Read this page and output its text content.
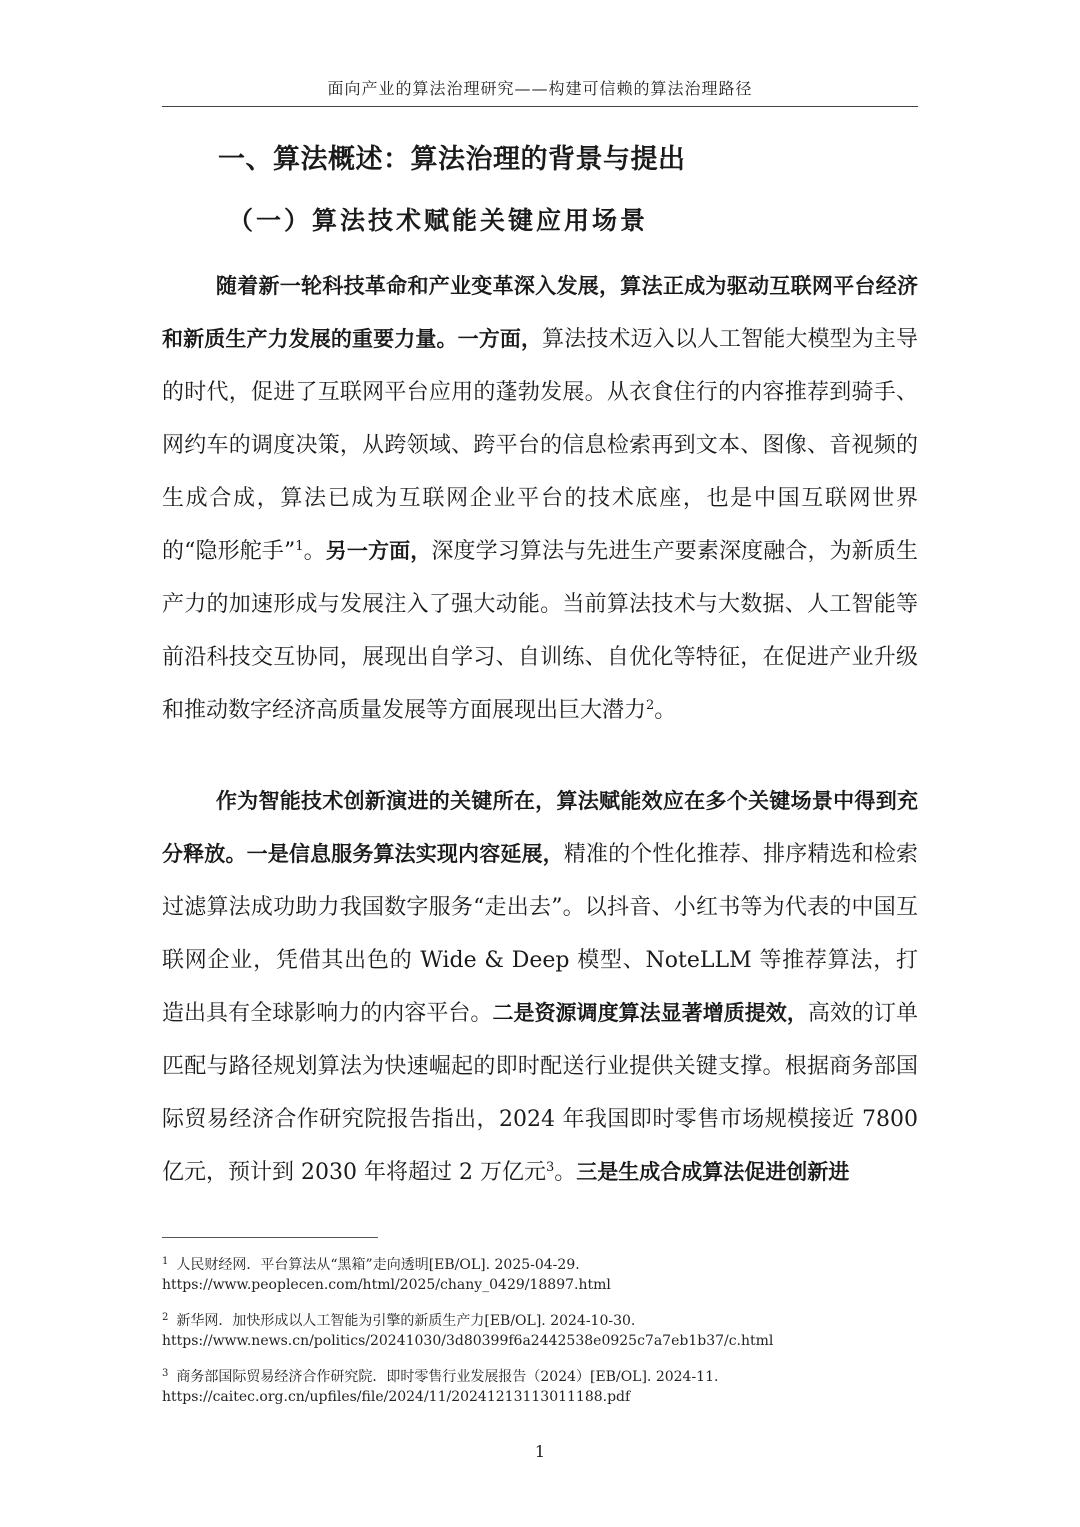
面向产业的算法治理研究——构建可信赖的算法治理路径
一、算法概述：算法治理的背景与提出
（一）算法技术赋能关键应用场景

随着新一轮科技革命和产业变革深入发展，算法正成为驱动互联网平台经济和新质生产力发展的重要力量。一方面，算法技术迈入以人工智能大模型为主导的时代，促进了互联网平台应用的蓬勃发展。从衣食住行的内容推荐到骑手、网约车的调度决策，从跨领域、跨平台的信息检索再到文本、图像、音视频的生成合成，算法已成为互联网企业平台的技术底座，也是中国互联网世界的“隐形舵手”$^1$。另一方面，深度学习算法与先进生产要素深度融合，为新质生产力的加速形成与发展注入了强大动能。当前算法技术与大数据、人工智能等前沿科技交互协同，展现出自学习、自训练、自优化等特征，在促进产业升级和推动数字经济高质量发展等方面展现出巨大潜力$^2$。

作为智能技术创新演进的关键所在，算法赋能效应在多个关键场景中得到充分释放。一是信息服务算法实现内容延展，精准的个性化推荐、排序精选和检索过滤算法成功助力我国数字服务“走出去”。以抖音、小红书等为代表的中国互联网企业，凭借其出色的 Wide & Deep 模型、NoteLLM 等推荐算法，打造出具有全球影响力的内容平台。二是资源调度算法显著增质提效，高效的订单匹配与路径规划算法为快速崛起的即时配送行业提供关键支撑。根据商务部国际贸易经济合作研究院报告指出，2024 年我国即时零售市场规模接近 7800 亿元，预计到 2030 年将超过 2 万亿元$^3$。三是生成合成算法促进创新进

$^1$ 人民财经网．平台算法从“黑箱”走向透明[EB/OL]. 2025-04-29.
https://www.peoplecen.com/html/2025/chany_0429/18897.html
$^2$ 新华网．加快形成以人工智能为引擎的新质生产力[EB/OL]. 2024-10-30.
https://www.news.cn/politics/20241030/3d80399f6a2442538e0925c7a7eb1b37/c.html
$^3$ 商务部国际贸易经济合作研究院．即时零售行业发展报告（2024）[EB/OL]. 2024-11.
https://caitec.org.cn/upfiles/file/2024/11/20241213113011188.pdf
1
